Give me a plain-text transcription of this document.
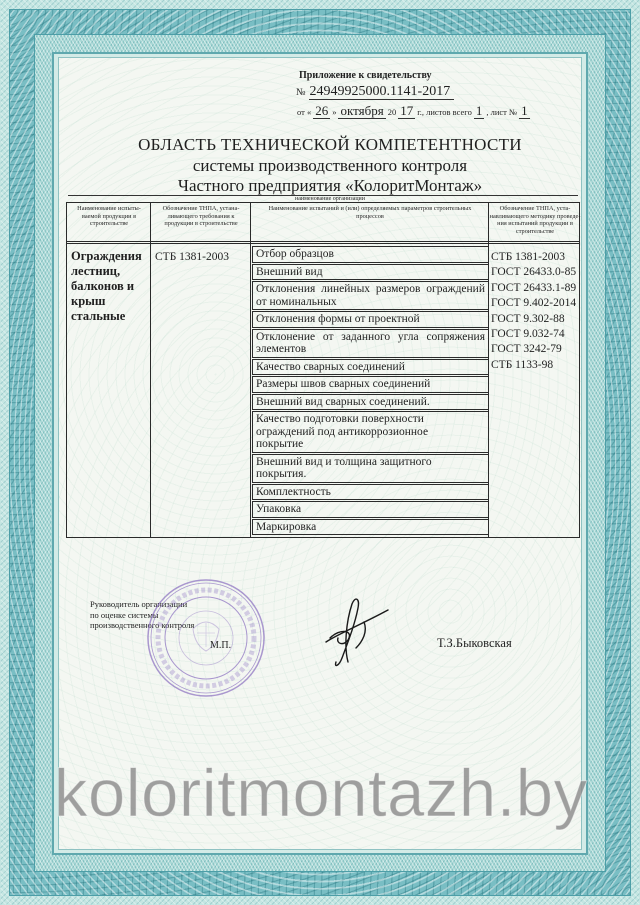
Приложение к свидетельству
№ 24949925000.1141-2017
от « 26 » октября 20 17 г., листов всего 1 , лист № 1
ОБЛАСТЬ ТЕХНИЧЕСКОЙ КОМПЕТЕНТНОСТИ
системы производственного контроля
Частного предприятия «КолоритМонтаж»
наименование организации
Наименование испыты-
ваемой продукции в
строительстве
Обозначение ТНПА, устана-
ливающего требования к
продукции в строительстве
Наименование испытаний и (или) определяемых параметров строительных
процессов
Обозначение ТНПА, уста-
навливающего методику проведе-
ния испытаний продукции в
строительстве
Ограждения лестниц, балконов и крыш стальные
СТБ 1381-2003 Отбор образцов
Внешний вид
Отклонения линейных размеров ограждений
от номинальных
Отклонения формы от проектной
Отклонение от заданного угла сопряжения
элементов
Качество сварных соединений
Размеры швов сварных соединений
Внешний вид сварных соединений.
Качество подготовки поверхности
ограждений под антикоррозионное
покрытие
Внешний вид и толщина защитного
покрытия.
Комплектность
Упаковка
Маркировка
СТБ 1381-2003
ГОСТ 26433.0-85
ГОСТ 26433.1-89
ГОСТ 9.402-2014
ГОСТ 9.302-88
ГОСТ 9.032-74
ГОСТ 3242-79
СТБ 1133-98
Руководитель организации
по оценке системы
производственного контроля
М.П.	Т.З.Быковская
koloritmontazh.by
